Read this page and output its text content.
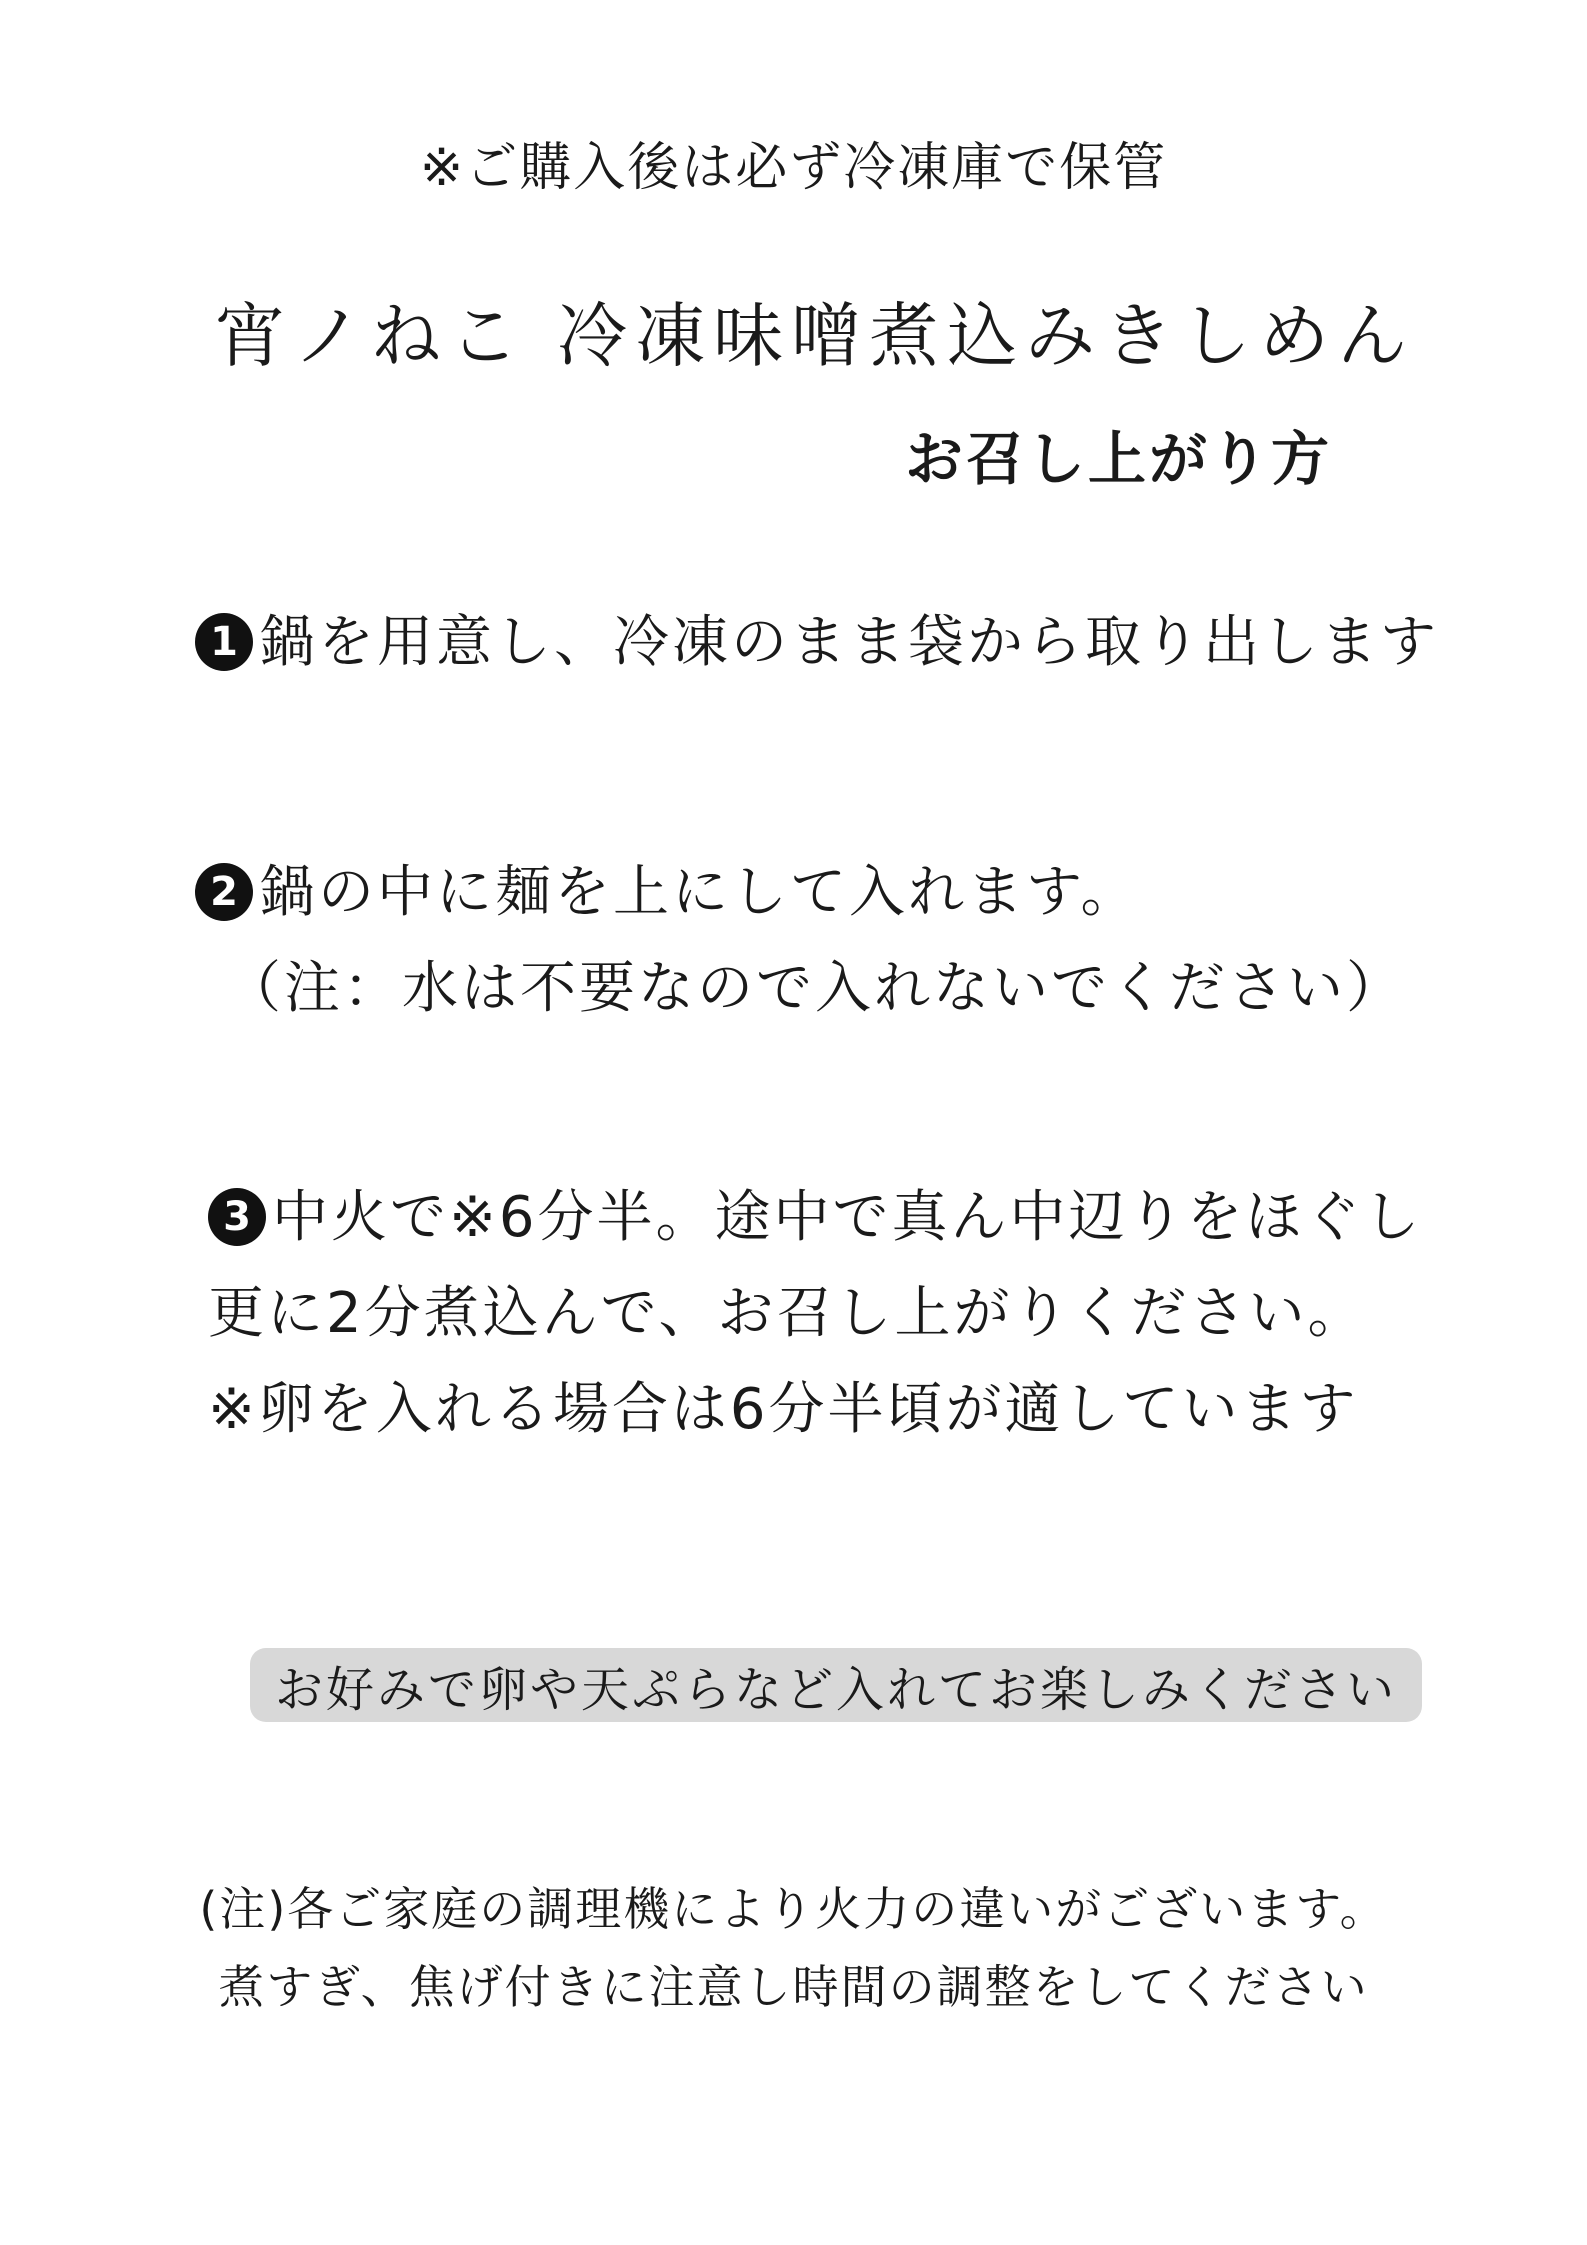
※ご購入後は必ず冷凍庫で保管

宵ノねこ 冷凍味噌煮込みきしめん
お召し上がり方
1 鍋を用意し、冷凍のまま袋から取り出します
2 鍋の中に麺を上にして入れます。
（注：水は不要なので入れないでください）
3 中火で※6分半。途中で真ん中辺りをほぐし
更に2分煮込んで、お召し上がりください。
※卵を入れる場合は6分半頃が適しています
お好みで卵や天ぷらなど入れてお楽しみください
(注)各ご家庭の調理機により火力の違いがございます。
煮すぎ、焦げ付きに注意し時間の調整をしてください
